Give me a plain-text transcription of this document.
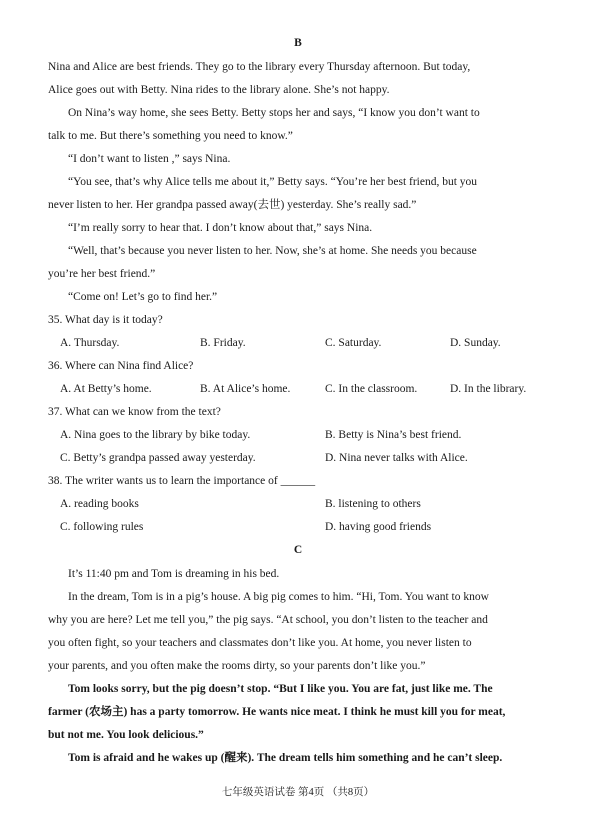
B

Nina and Alice are best friends. They go to the library every Thursday afternoon. But today,

Alice goes out with Betty. Nina rides to the library alone. She’s not happy.

On Nina’s way home, she sees Betty. Betty stops her and says, “I know you don’t want to

talk to me. But there’s something you need to know.”

“I don’t want to listen ,” says Nina.

“You see, that’s why Alice tells me about it,” Betty says. “You’re her best friend, but you

never listen to her. Her grandpa passed away(去世) yesterday. She’s really sad.”

“I’m really sorry to hear that. I don’t know about that,” says Nina.

“Well, that’s because you never listen to her. Now, she’s at home. She needs you because

you’re her best friend.”

“Come on! Let’s go to find her.”

35. What day is it today?

A. Thursday.	B. Friday.	C. Saturday.	D. Sunday.

36. Where can Nina find Alice?

A. At Betty’s home.	B. At Alice’s home.	C. In the classroom.	D. In the library.

37. What can we know from the text?

A. Nina goes to the library by bike today.	B. Betty is Nina’s best friend.

C. Betty’s grandpa passed away yesterday.	D. Nina never talks with Alice.

38. The writer wants us to learn the importance of ______

A. reading books	B. listening to others

C. following rules	D. having good friends

C

It’s 11:40 pm and Tom is dreaming in his bed.

In the dream, Tom is in a pig’s house. A big pig comes to him. “Hi, Tom. You want to know

why you are here? Let me tell you,” the pig says. “At school, you don’t listen to the teacher and

you often fight, so your teachers and classmates don’t like you. At home, you never listen to

your parents, and you often make the rooms dirty, so your parents don’t like you.”

Tom looks sorry, but the pig doesn’t stop. “But I like you. You are fat, just like me. The

farmer (农场主) has a party tomorrow. He wants nice meat. I think he must kill you for meat,

but not me. You look delicious.”

Tom is afraid and he wakes up (醒来). The dream tells him something and he can’t sleep.

七年级英语试卷 第4页 （共8页）
